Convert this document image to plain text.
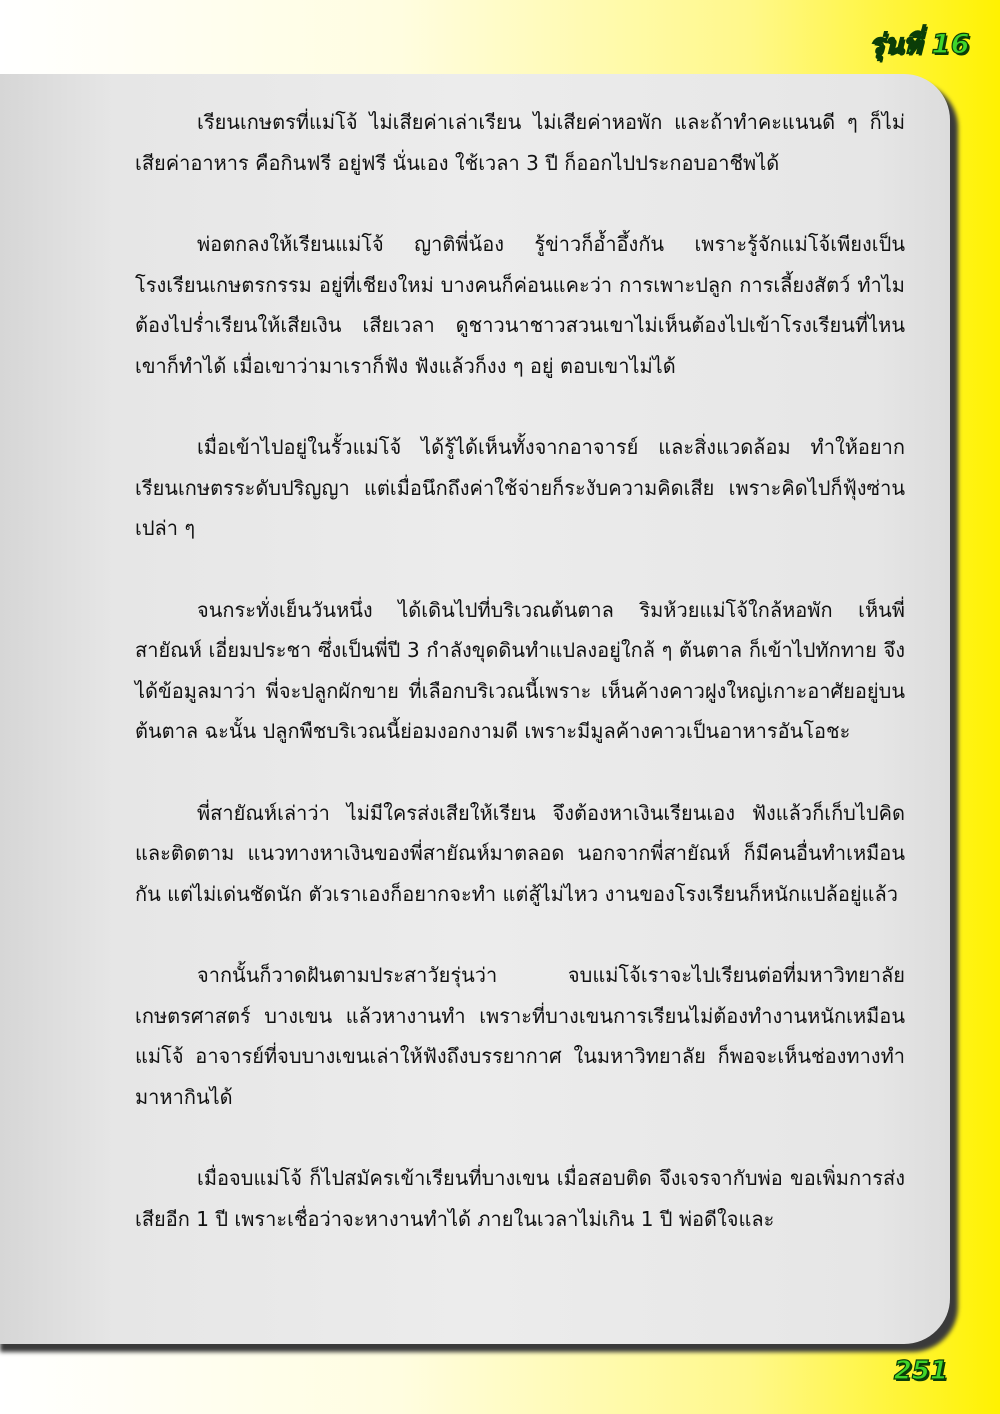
รุ่นที่ 16

เรียนเกษตรที่แม่โจ้ ไม่เสียค่าเล่าเรียน ไม่เสียค่าหอพัก และถ้าทำคะแนนดี ๆ ก็ไม่เสียค่าอาหาร คือกินฟรี อยู่ฟรี นั่นเอง ใช้เวลา 3 ปี ก็ออกไปประกอบอาชีพได้

พ่อตกลงให้เรียนแม่โจ้ ญาติพี่น้อง รู้ข่าวก็อ้ำอึ้งกัน เพราะรู้จักแม่โจ้เพียงเป็นโรงเรียนเกษตรกรรม อยู่ที่เชียงใหม่ บางคนก็ค่อนแคะว่า การเพาะปลูก การเลี้ยงสัตว์ ทำไมต้องไปร่ำเรียนให้เสียเงิน เสียเวลา ดูชาวนาชาวสวนเขาไม่เห็นต้องไปเข้าโรงเรียนที่ไหน เขาก็ทำได้ เมื่อเขาว่ามาเราก็ฟัง ฟังแล้วก็งง ๆ อยู่ ตอบเขาไม่ได้

เมื่อเข้าไปอยู่ในรั้วแม่โจ้ ได้รู้ได้เห็นทั้งจากอาจารย์ และสิ่งแวดล้อม ทำให้อยากเรียนเกษตรระดับปริญญา แต่เมื่อนึกถึงค่าใช้จ่ายก็ระงับความคิดเสีย เพราะคิดไปก็ฟุ้งซ่านเปล่า ๆ

จนกระทั่งเย็นวันหนึ่ง ได้เดินไปที่บริเวณต้นตาล ริมห้วยแม่โจ้ใกล้หอพัก เห็นพี่สายัณห์ เอี่ยมประชา ซึ่งเป็นพี่ปี 3 กำลังขุดดินทำแปลงอยู่ใกล้ ๆ ต้นตาล ก็เข้าไปทักทาย จึงได้ข้อมูลมาว่า พี่จะปลูกผักขาย ที่เลือกบริเวณนี้เพราะ เห็นค้างคาวฝูงใหญ่เกาะอาศัยอยู่บนต้นตาล ฉะนั้น ปลูกพืชบริเวณนี้ย่อมงอกงามดี เพราะมีมูลค้างคาวเป็นอาหารอันโอชะ

พี่สายัณห์เล่าว่า ไม่มีใครส่งเสียให้เรียน จึงต้องหาเงินเรียนเอง ฟังแล้วก็เก็บไปคิดและติดตาม แนวทางหาเงินของพี่สายัณห์มาตลอด นอกจากพี่สายัณห์ ก็มีคนอื่นทำเหมือนกัน แต่ไม่เด่นชัดนัก ตัวเราเองก็อยากจะทำ แต่สู้ไม่ไหว งานของโรงเรียนก็หนักแปล้อยู่แล้ว

จากนั้นก็วาดฝันตามประสาวัยรุ่นว่า จบแม่โจ้เราจะไปเรียนต่อที่มหาวิทยาลัยเกษตรศาสตร์ บางเขน แล้วหางานทำ เพราะที่บางเขนการเรียนไม่ต้องทำงานหนักเหมือนแม่โจ้ อาจารย์ที่จบบางเขนเล่าให้ฟังถึงบรรยากาศ ในมหาวิทยาลัย ก็พอจะเห็นช่องทางทำมาหากินได้

เมื่อจบแม่โจ้ ก็ไปสมัครเข้าเรียนที่บางเขน เมื่อสอบติด จึงเจรจากับพ่อ ขอเพิ่มการส่งเสียอีก 1 ปี เพราะเชื่อว่าจะหางานทำได้ ภายในเวลาไม่เกิน 1 ปี พ่อดีใจและ

251
